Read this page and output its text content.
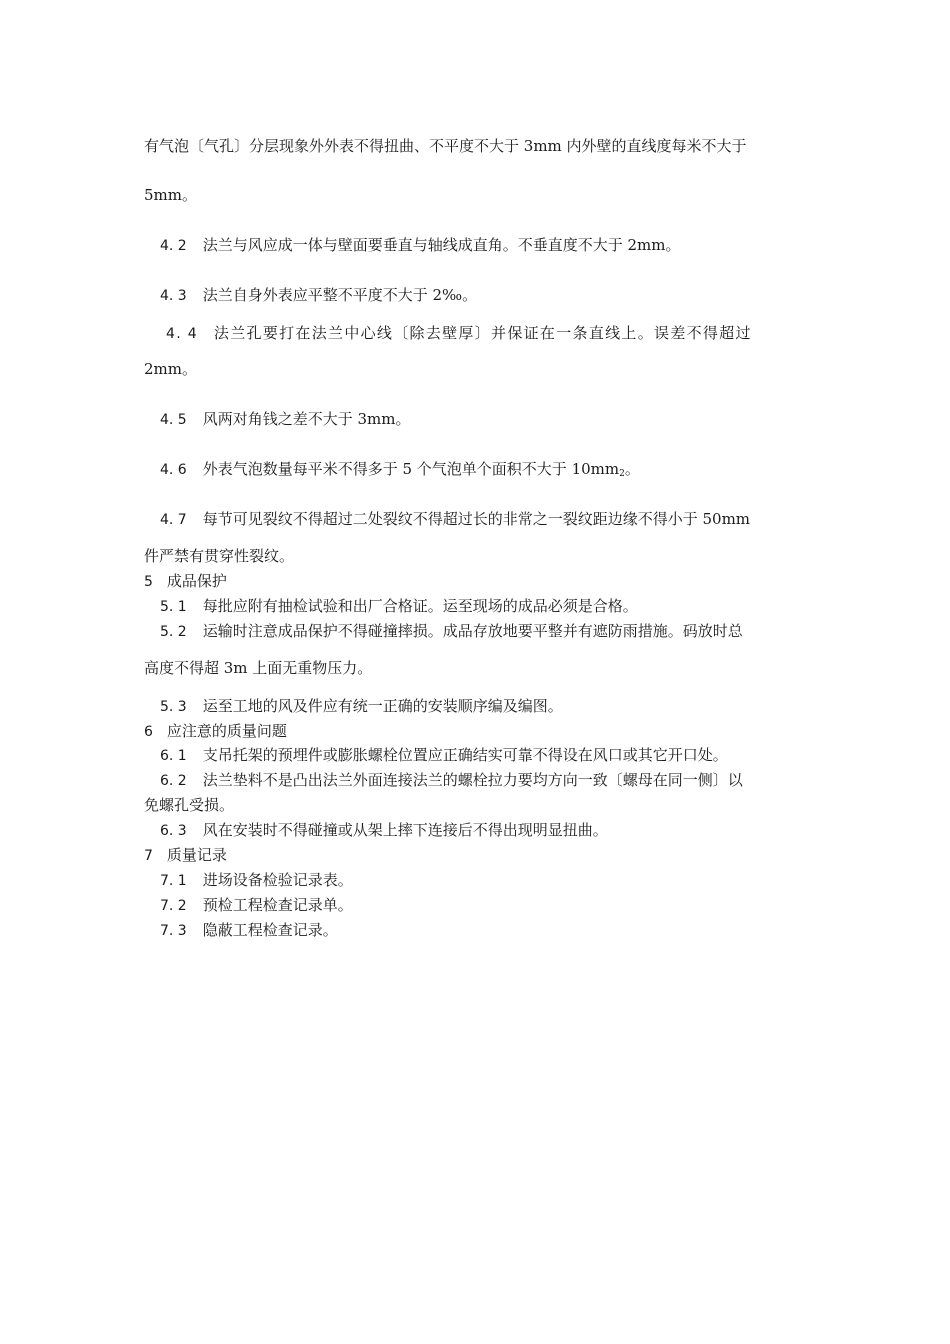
有气泡〔气孔〕分层现象外外表不得扭曲、不平度不大于 3mm 内外壁的直线度每米不大于
5mm。
4. 2 法兰与风应成一体与壁面要垂直与轴线成直角。不垂直度不大于 2mm。
4. 3 法兰自身外表应平整不平度不大于 2‰。
4. 4 法兰孔要打在法兰中心线〔除去壁厚〕并保证在一条直线上。误差不得超过
2mm。
4. 5 风两对角钱之差不大于 3mm。
4. 6 外表气泡数量每平米不得多于 5 个气泡单个面积不大于 $10mm_2$。
4. 7 每节可见裂纹不得超过二处裂纹不得超过长的非常之一裂纹距边缘不得小于 50mm
件严禁有贯穿性裂纹。
5 成品保护
5. 1 每批应附有抽检试验和出厂合格证。运至现场的成品必须是合格。
5. 2 运输时注意成品保护不得碰撞摔损。成品存放地要平整并有遮防雨措施。码放时总
高度不得超 3m 上面无重物压力。
5. 3 运至工地的风及件应有统一正确的安装顺序编及编图。
6 应注意的质量问题
6. 1 支吊托架的预埋件或膨胀螺栓位置应正确结实可靠不得设在风口或其它开口处。
6. 2 法兰垫料不是凸出法兰外面连接法兰的螺栓拉力要均方向一致〔螺母在同一侧〕以
免螺孔受损。
6. 3 风在安装时不得碰撞或从架上摔下连接后不得出现明显扭曲。
7 质量记录
7. 1 进场设备检验记录表。
7. 2 预检工程检查记录单。
7. 3 隐蔽工程检查记录。
